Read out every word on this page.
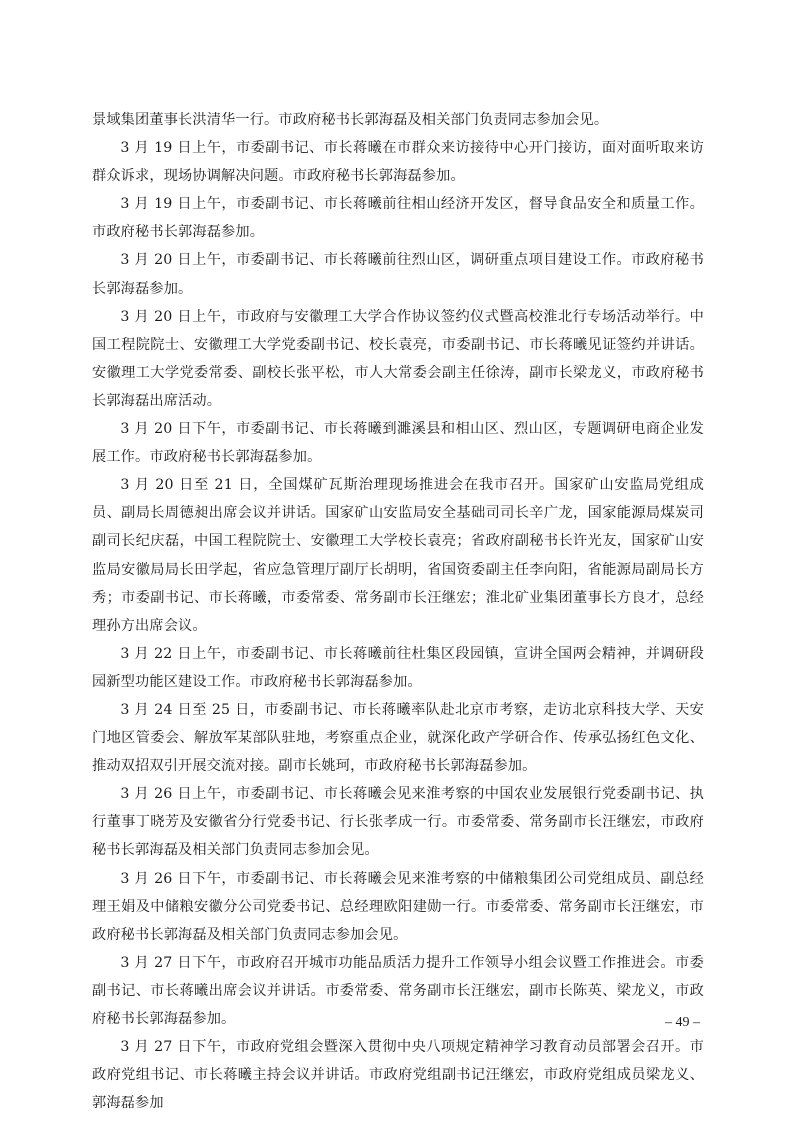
景域集团董事长洪清华一行。市政府秘书长郭海磊及相关部门负责同志参加会见。

3 月 19 日上午，市委副书记、市长蒋曦在市群众来访接待中心开门接访，面对面听取来访群众诉求，现场协调解决问题。市政府秘书长郭海磊参加。

3 月 19 日上午，市委副书记、市长蒋曦前往相山经济开发区，督导食品安全和质量工作。市政府秘书长郭海磊参加。

3 月 20 日上午，市委副书记、市长蒋曦前往烈山区，调研重点项目建设工作。市政府秘书长郭海磊参加。

3 月 20 日上午，市政府与安徽理工大学合作协议签约仪式暨高校淮北行专场活动举行。中国工程院院士、安徽理工大学党委副书记、校长袁亮，市委副书记、市长蒋曦见证签约并讲话。安徽理工大学党委常委、副校长张平松，市人大常委会副主任徐涛，副市长梁龙义，市政府秘书长郭海磊出席活动。

3 月 20 日下午，市委副书记、市长蒋曦到濉溪县和相山区、烈山区，专题调研电商企业发展工作。市政府秘书长郭海磊参加。

3 月 20 日至 21 日，全国煤矿瓦斯治理现场推进会在我市召开。国家矿山安监局党组成员、副局长周德昶出席会议并讲话。国家矿山安监局安全基础司司长辛广龙，国家能源局煤炭司副司长纪庆磊，中国工程院院士、安徽理工大学校长袁亮；省政府副秘书长许光友，国家矿山安监局安徽局局长田学起，省应急管理厅副厅长胡明，省国资委副主任李向阳，省能源局副局长方秀；市委副书记、市长蒋曦，市委常委、常务副市长汪继宏；淮北矿业集团董事长方良才，总经理孙方出席会议。

3 月 22 日上午，市委副书记、市长蒋曦前往杜集区段园镇，宣讲全国两会精神，并调研段园新型功能区建设工作。市政府秘书长郭海磊参加。

3 月 24 日至 25 日，市委副书记、市长蒋曦率队赴北京市考察，走访北京科技大学、天安门地区管委会、解放军某部队驻地，考察重点企业，就深化政产学研合作、传承弘扬红色文化、推动双招双引开展交流对接。副市长姚珂，市政府秘书长郭海磊参加。

3 月 26 日上午，市委副书记、市长蒋曦会见来淮考察的中国农业发展银行党委副书记、执行董事丁晓芳及安徽省分行党委书记、行长张孝成一行。市委常委、常务副市长汪继宏，市政府秘书长郭海磊及相关部门负责同志参加会见。

3 月 26 日下午，市委副书记、市长蒋曦会见来淮考察的中储粮集团公司党组成员、副总经理王娟及中储粮安徽分公司党委书记、总经理欧阳建勋一行。市委常委、常务副市长汪继宏，市政府秘书长郭海磊及相关部门负责同志参加会见。

3 月 27 日下午，市政府召开城市功能品质活力提升工作领导小组会议暨工作推进会。市委副书记、市长蒋曦出席会议并讲话。市委常委、常务副市长汪继宏，副市长陈英、梁龙义，市政府秘书长郭海磊参加。

3 月 27 日下午，市政府党组会暨深入贯彻中央八项规定精神学习教育动员部署会召开。市政府党组书记、市长蒋曦主持会议并讲话。市政府党组副书记汪继宏，市政府党组成员梁龙义、郭海磊参加

– 49 –
